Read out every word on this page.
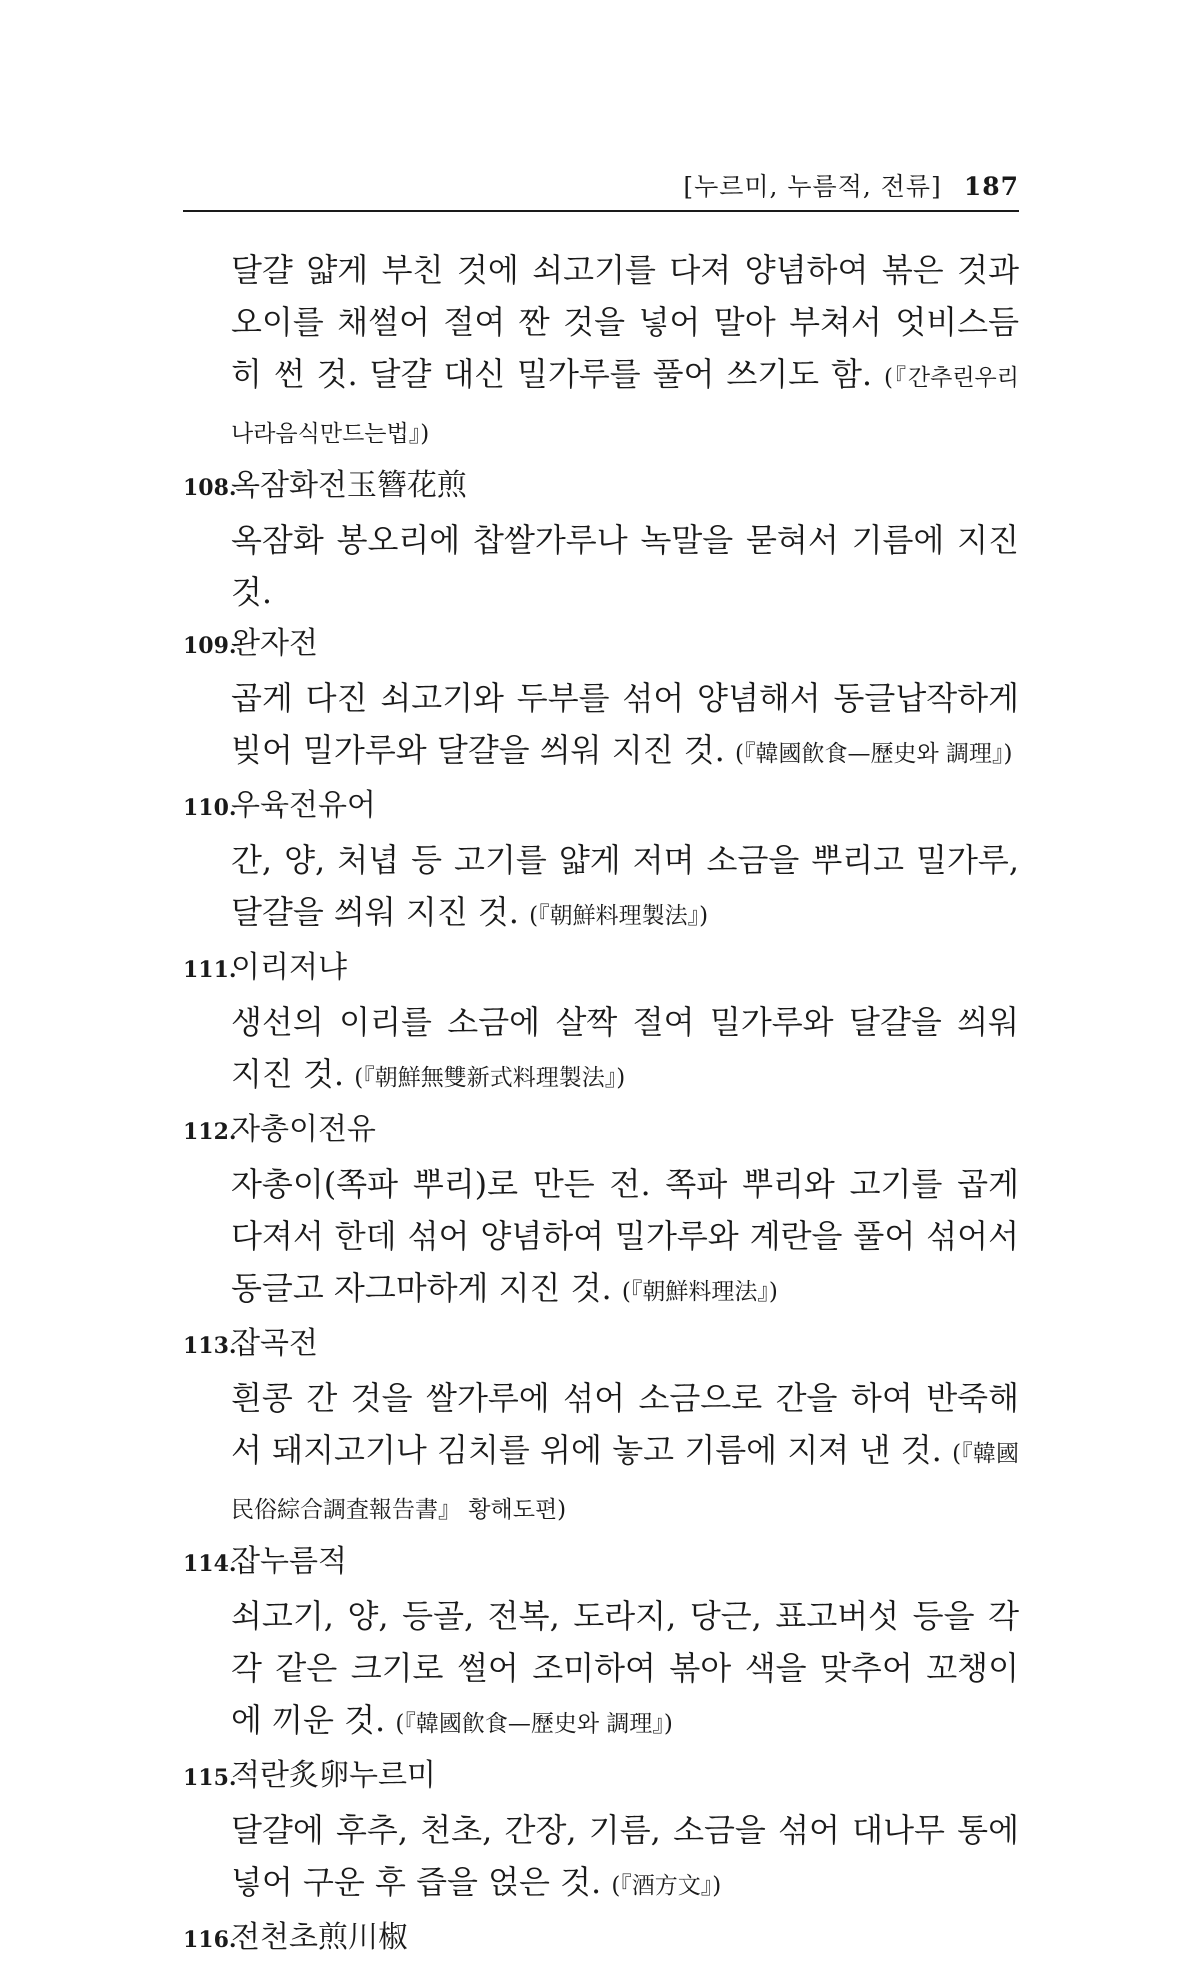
[누르미, 누름적, 전류] 187

달걀 얇게 부친 것에 쇠고기를 다져 양념하여 볶은 것과 오이를 채썰어 절여 짠 것을 넣어 말아 부쳐서 엇비스듬히 썬 것. 달걀 대신 밀가루를 풀어 쓰기도 함. (『간추린우리나라음식만드는법』)

108.옥잠화전玉簪花煎

옥잠화 봉오리에 찹쌀가루나 녹말을 묻혀서 기름에 지진 것.

109.완자전

곱게 다진 쇠고기와 두부를 섞어 양념해서 동글납작하게 빚어 밀가루와 달걀을 씌워 지진 것. (『韓國飮食—歷史와 調理』)

110.우육전유어

간, 양, 처녑 등 고기를 얇게 저며 소금을 뿌리고 밀가루, 달걀을 씌워 지진 것. (『朝鮮料理製法』)

111.이리저냐

생선의 이리를 소금에 살짝 절여 밀가루와 달걀을 씌워 지진 것. (『朝鮮無雙新式料理製法』)

112.자총이전유

자총이(쪽파 뿌리)로 만든 전. 쪽파 뿌리와 고기를 곱게 다져서 한데 섞어 양념하여 밀가루와 계란을 풀어 섞어서 동글고 자그마하게 지진 것. (『朝鮮料理法』)

113.잡곡전

흰콩 간 것을 쌀가루에 섞어 소금으로 간을 하여 반죽해서 돼지고기나 김치를 위에 놓고 기름에 지져 낸 것. (『韓國民俗綜合調査報告書』 황해도편)

114.잡누름적

쇠고기, 양, 등골, 전복, 도라지, 당근, 표고버섯 등을 각각 같은 크기로 썰어 조미하여 볶아 색을 맞추어 꼬챙이에 끼운 것. (『韓國飮食—歷史와 調理』)

115.적란炙卵누르미

달걀에 후추, 천초, 간장, 기름, 소금을 섞어 대나무 통에 넣어 구운 후 즙을 얹은 것. (『酒方文』)

116.전천초煎川椒
